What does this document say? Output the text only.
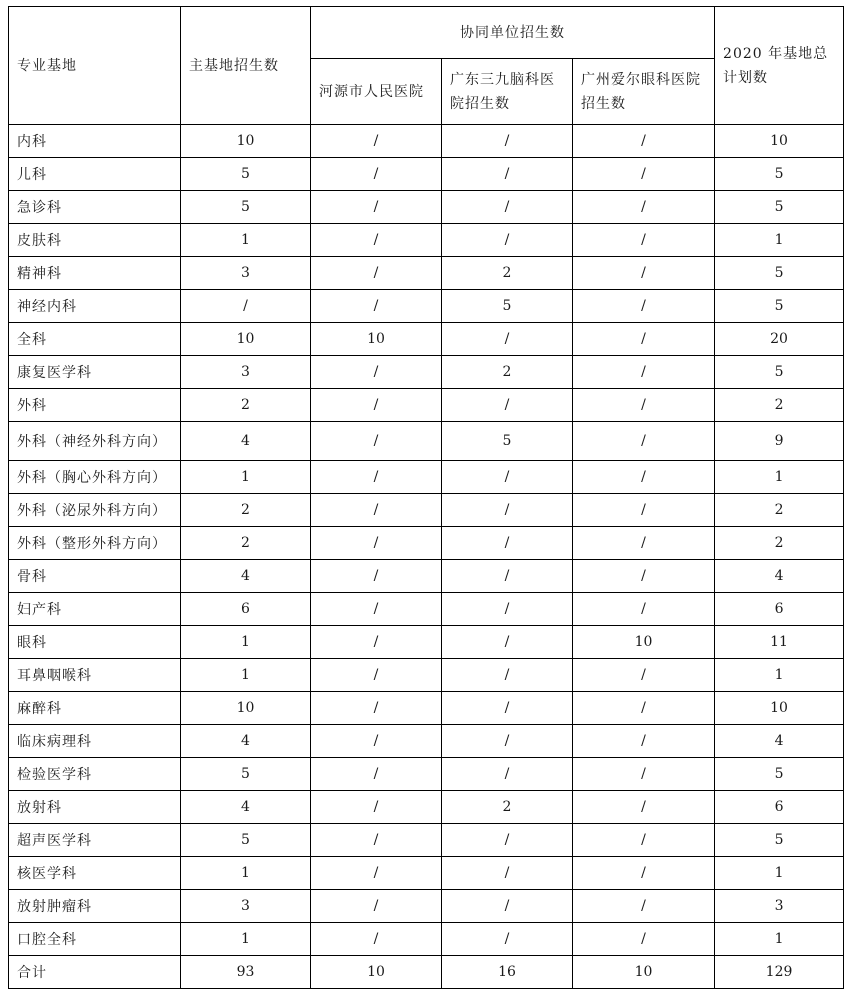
专业基地	主基地招生数	协同单位招生数			2020 年基地总计划数
		河源市人民医院	广东三九脑科医院招生数	广州爱尔眼科医院招生数	
内科	10	/	/	/	10
儿科	5	/	/	/	5
急诊科	5	/	/	/	5
皮肤科	1	/	/	/	1
精神科	3	/	2	/	5
神经内科	/	/	5	/	5
全科	10	10	/	/	20
康复医学科	3	/	2	/	5
外科	2	/	/	/	2
外科（神经外科方向）	4	/	5	/	9
外科（胸心外科方向）	1	/	/	/	1
外科（泌尿外科方向）	2	/	/	/	2
外科（整形外科方向）	2	/	/	/	2
骨科	4	/	/	/	4
妇产科	6	/	/	/	6
眼科	1	/	/	10	11
耳鼻咽喉科	1	/	/	/	1
麻醉科	10	/	/	/	10
临床病理科	4	/	/	/	4
检验医学科	5	/	/	/	5
放射科	4	/	2	/	6
超声医学科	5	/	/	/	5
核医学科	1	/	/	/	1
放射肿瘤科	3	/	/	/	3
口腔全科	1	/	/	/	1
合计	93	10	16	10	129
